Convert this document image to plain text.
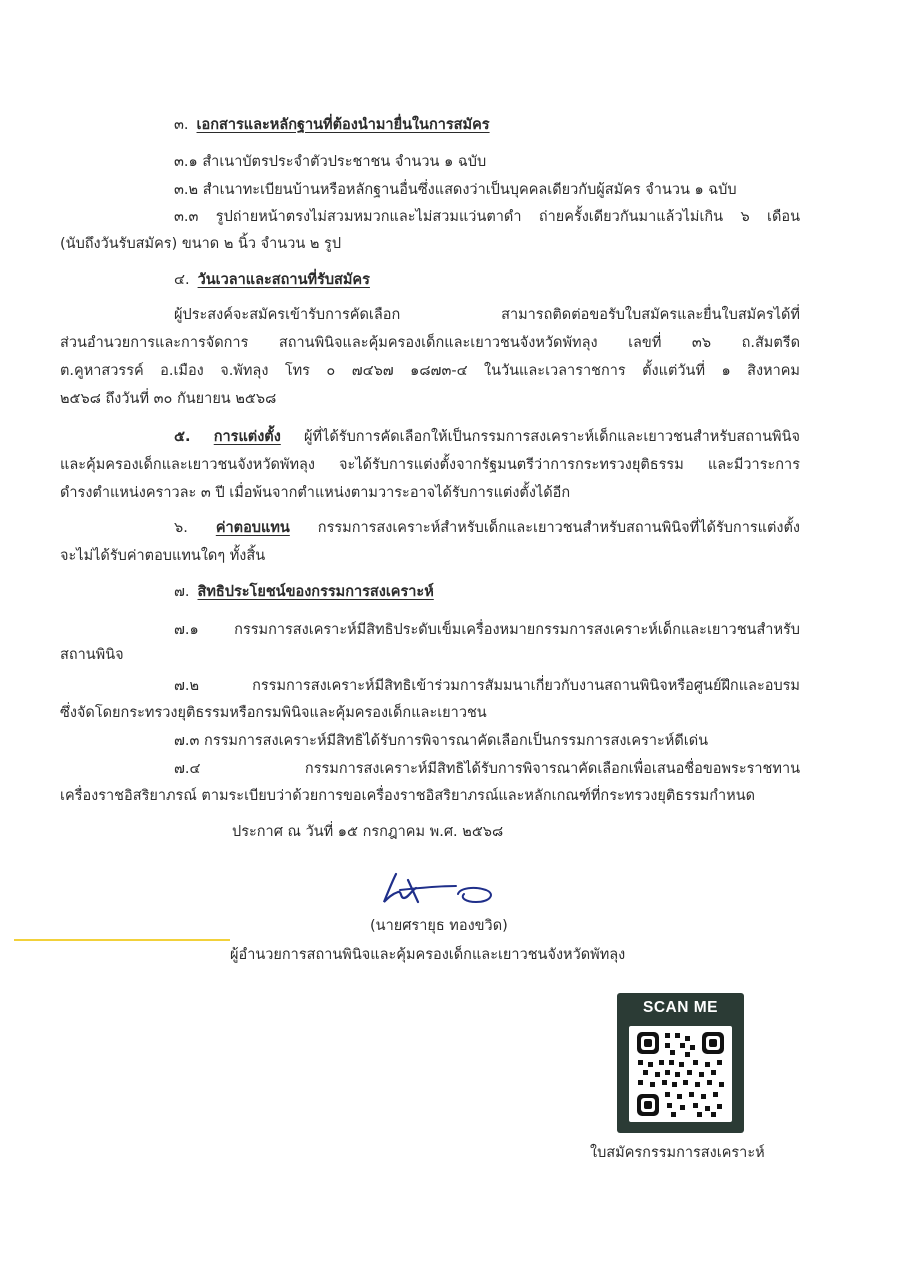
๓. เอกสารและหลักฐานที่ต้องนำมายื่นในการสมัคร
๓.๑ สำเนาบัตรประจำตัวประชาชน จำนวน ๑ ฉบับ
๓.๒ สำเนาทะเบียนบ้านหรือหลักฐานอื่นซึ่งแสดงว่าเป็นบุคคลเดียวกับผู้สมัคร จำนวน ๑ ฉบับ
๓.๓ รูปถ่ายหน้าตรงไม่สวมหมวกและไม่สวมแว่นตาดำ ถ่ายครั้งเดียวกันมาแล้วไม่เกิน ๖ เดือน
(นับถึงวันรับสมัคร) ขนาด ๒ นิ้ว จำนวน ๒ รูป
๔. วันเวลาและสถานที่รับสมัคร
ผู้ประสงค์จะสมัครเข้ารับการคัดเลือก สามารถติดต่อขอรับใบสมัครและยื่นใบสมัครได้ที่
ส่วนอำนวยการและการจัดการ สถานพินิจและคุ้มครองเด็กและเยาวชนจังหวัดพัทลุง เลขที่ ๓๖ ถ.สัมตรีด
ต.คูหาสวรรค์ อ.เมือง จ.พัทลุง โทร ๐ ๗๔๖๗ ๑๘๗๓-๔ ในวันและเวลาราชการ ตั้งแต่วันที่ ๑ สิงหาคม
๒๕๖๘ ถึงวันที่ ๓๐ กันยายน ๒๕๖๘
๕. การแต่งตั้ง ผู้ที่ได้รับการคัดเลือกให้เป็นกรรมการสงเคราะห์เด็กและเยาวชนสำหรับสถานพินิจ
และคุ้มครองเด็กและเยาวชนจังหวัดพัทลุง จะได้รับการแต่งตั้งจากรัฐมนตรีว่าการกระทรวงยุติธรรม และมีวาระการ
ดำรงตำแหน่งคราวละ ๓ ปี เมื่อพ้นจากตำแหน่งตามวาระอาจได้รับการแต่งตั้งได้อีก
๖. ค่าตอบแทน กรรมการสงเคราะห์สำหรับเด็กและเยาวชนสำหรับสถานพินิจที่ได้รับการแต่งตั้ง
จะไม่ได้รับค่าตอบแทนใดๆ ทั้งสิ้น
๗. สิทธิประโยชน์ของกรรมการสงเคราะห์
๗.๑ กรรมการสงเคราะห์มีสิทธิประดับเข็มเครื่องหมายกรรมการสงเคราะห์เด็กและเยาวชนสำหรับ
สถานพินิจ
๗.๒ กรรมการสงเคราะห์มีสิทธิเข้าร่วมการสัมมนาเกี่ยวกับงานสถานพินิจหรือศูนย์ฝึกและอบรม
ซึ่งจัดโดยกระทรวงยุติธรรมหรือกรมพินิจและคุ้มครองเด็กและเยาวชน
๗.๓ กรรมการสงเคราะห์มีสิทธิได้รับการพิจารณาคัดเลือกเป็นกรรมการสงเคราะห์ดีเด่น
๗.๔ กรรมการสงเคราะห์มีสิทธิได้รับการพิจารณาคัดเลือกเพื่อเสนอชื่อขอพระราชทาน
เครื่องราชอิสริยาภรณ์ ตามระเบียบว่าด้วยการขอเครื่องราชอิสริยาภรณ์และหลักเกณฑ์ที่กระทรวงยุติธรรมกำหนด
ประกาศ ณ วันที่ ๑๕ กรกฎาคม พ.ศ. ๒๕๖๘
(นายศรายุธ ทองขวิด)
ผู้อำนวยการสถานพินิจและคุ้มครองเด็กและเยาวชนจังหวัดพัทลุง
SCAN ME
ใบสมัครกรรมการสงเคราะห์
